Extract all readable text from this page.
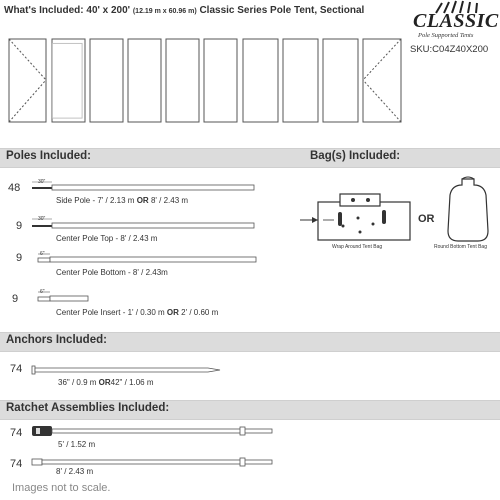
What's Included: 40' x 200' (12.19 m x 60.96 m) Classic Series Pole Tent, Sectional CLASSIC
Pole Supported Tents
SKU:C04Z40X200
Poles Included:	Bag(s) Included:
48	30"
Side Pole - 7' / 2.13 m OR 8' / 2.43 m
9
30"
Center Pole Top - 8' / 2.43 m
9	6"
Center Pole Bottom - 8' / 2.43m
9
6"
Center Pole Insert - 1' / 0.30 m OR 2' / 0.60 m
Wrap Around Tent Bag
OR
Round Bottom Tent Bag
Anchors Included:
74
36" / 0.9 m OR42" / 1.06 m
Ratchet Assemblies Included:
74
5' / 1.52 m
74
8' / 2.43 m
Images not to scale.
